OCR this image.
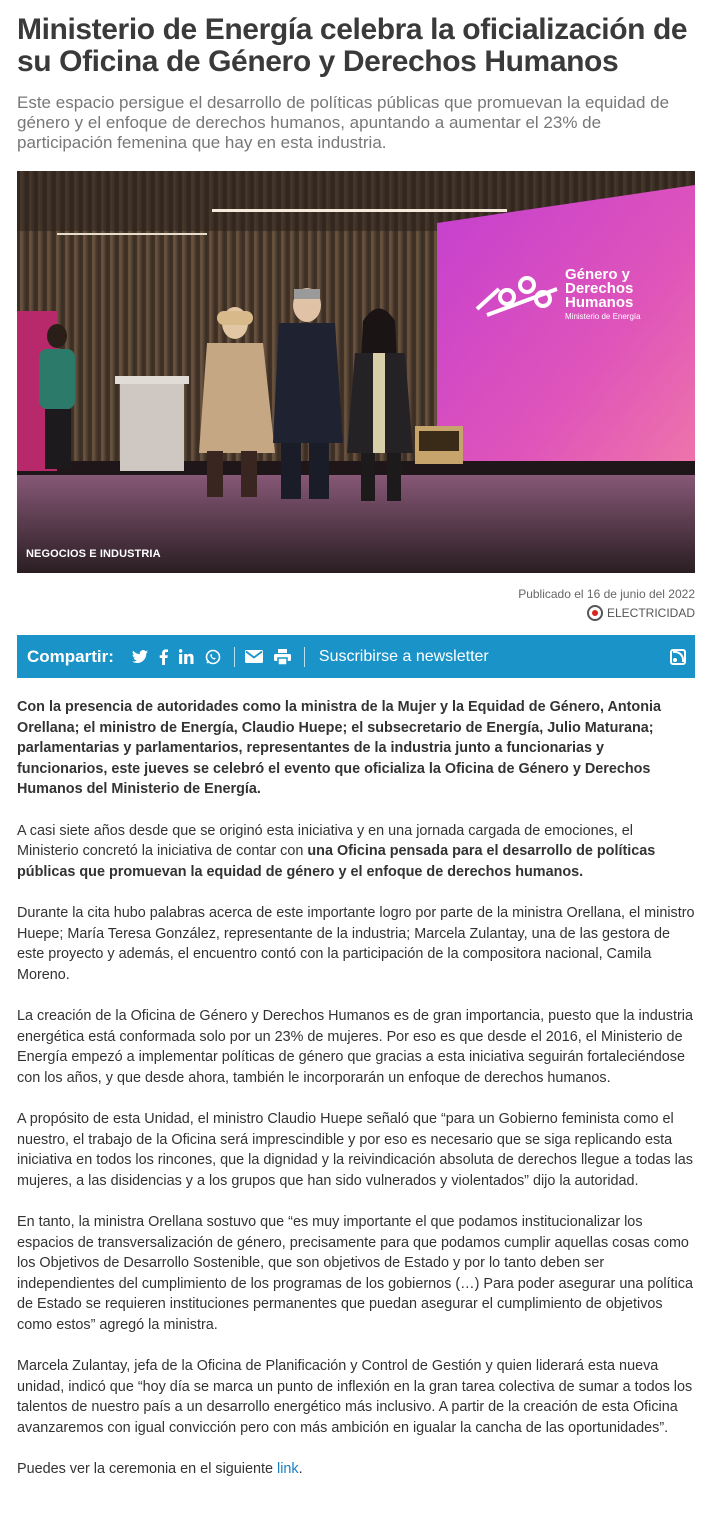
Ministerio de Energía celebra la oficialización de su Oficina de Género y Derechos Humanos

Este espacio persigue el desarrollo de políticas públicas que promuevan la equidad de género y el enfoque de derechos humanos, apuntando a aumentar el 23% de participación femenina que hay en esta industria.

Género y
Derechos
Humanos
Ministerio de Energía
NEGOCIOS E INDUSTRIA
Publicado el 16 de junio del 2022
ELECTRICIDAD
Compartir:	Suscribirse a newsletter

Con la presencia de autoridades como la ministra de la Mujer y la Equidad de Género, Antonia Orellana; el ministro de Energía, Claudio Huepe; el subsecretario de Energía, Julio Maturana; parlamentarias y parlamentarios, representantes de la industria junto a funcionarias y funcionarios, este jueves se celebró el evento que oficializa la Oficina de Género y Derechos Humanos del Ministerio de Energía.

A casi siete años desde que se originó esta iniciativa y en una jornada cargada de emociones, el Ministerio concretó la iniciativa de contar con una Oficina pensada para el desarrollo de políticas públicas que promuevan la equidad de género y el enfoque de derechos humanos.

Durante la cita hubo palabras acerca de este importante logro por parte de la ministra Orellana, el ministro Huepe; María Teresa González, representante de la industria; Marcela Zulantay, una de las gestora de este proyecto y además, el encuentro contó con la participación de la compositora nacional, Camila Moreno.

La creación de la Oficina de Género y Derechos Humanos es de gran importancia, puesto que la industria energética está conformada solo por un 23% de mujeres. Por eso es que desde el 2016, el Ministerio de Energía empezó a implementar políticas de género que gracias a esta iniciativa seguirán fortaleciéndose con los años, y que desde ahora, también le incorporarán un enfoque de derechos humanos.

A propósito de esta Unidad, el ministro Claudio Huepe señaló que “para un Gobierno feminista como el nuestro, el trabajo de la Oficina será imprescindible y por eso es necesario que se siga replicando esta iniciativa en todos los rincones, que la dignidad y la reivindicación absoluta de derechos llegue a todas las mujeres, a las disidencias y a los grupos que han sido vulnerados y violentados” dijo la autoridad.

En tanto, la ministra Orellana sostuvo que “es muy importante el que podamos institucionalizar los espacios de transversalización de género, precisamente para que podamos cumplir aquellas cosas como los Objetivos de Desarrollo Sostenible, que son objetivos de Estado y por lo tanto deben ser independientes del cumplimiento de los programas de los gobiernos (…) Para poder asegurar una política de Estado se requieren instituciones permanentes que puedan asegurar el cumplimiento de objetivos como estos” agregó la ministra.

Marcela Zulantay, jefa de la Oficina de Planificación y Control de Gestión y quien liderará esta nueva unidad, indicó que “hoy día se marca un punto de inflexión en la gran tarea colectiva de sumar a todos los talentos de nuestro país a un desarrollo energético más inclusivo. A partir de la creación de esta Oficina avanzaremos con igual convicción pero con más ambición en igualar la cancha de las oportunidades”.

Puedes ver la ceremonia en el siguiente link.
